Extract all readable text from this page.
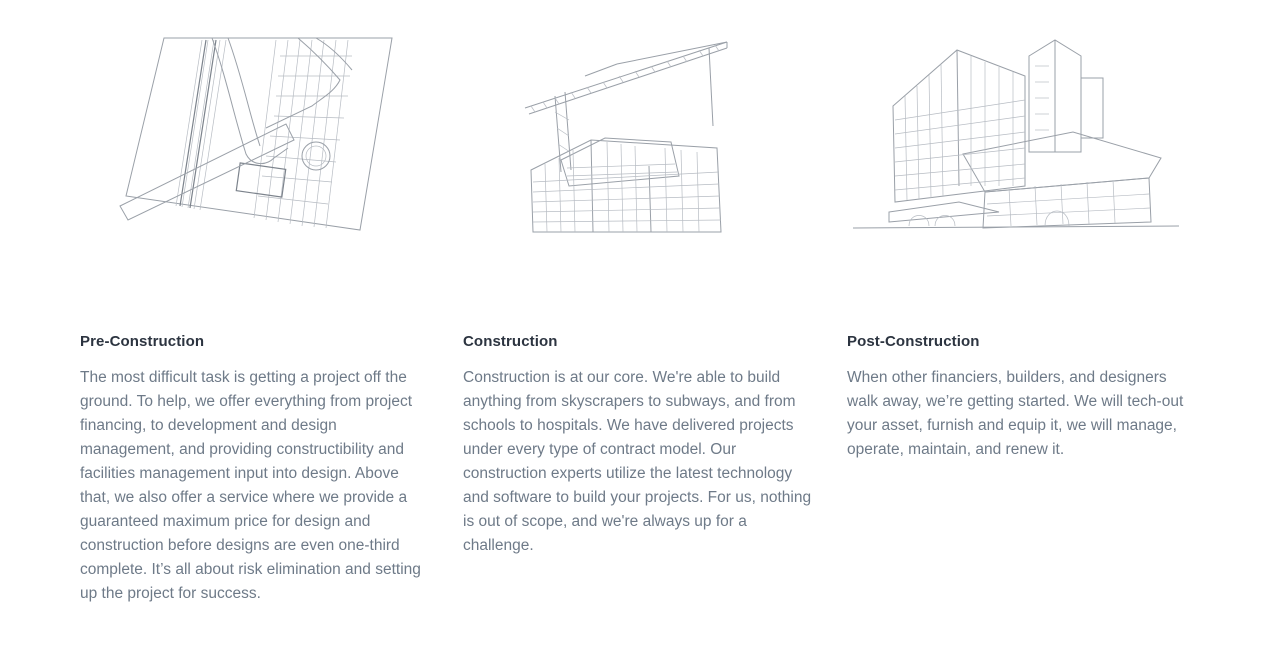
Pre-Construction

The most difficult task is getting a project off the ground. To help, we offer everything from project financing, to development and design management, and providing constructibility and facilities management input into design. Above that, we also offer a service where we provide a guaranteed maximum price for design and construction before designs are even one-third complete. It’s all about risk elimination and setting up the project for success.

Construction

Construction is at our core. We're able to build anything from skyscrapers to subways, and from schools to hospitals. We have delivered projects under every type of contract model. Our construction experts utilize the latest technology and software to build your projects. For us, nothing is out of scope, and we're always up for a challenge.

Post-Construction

When other financiers, builders, and designers walk away, we’re getting started. We will tech-out your asset, furnish and equip it, we will manage, operate, maintain, and renew it.
